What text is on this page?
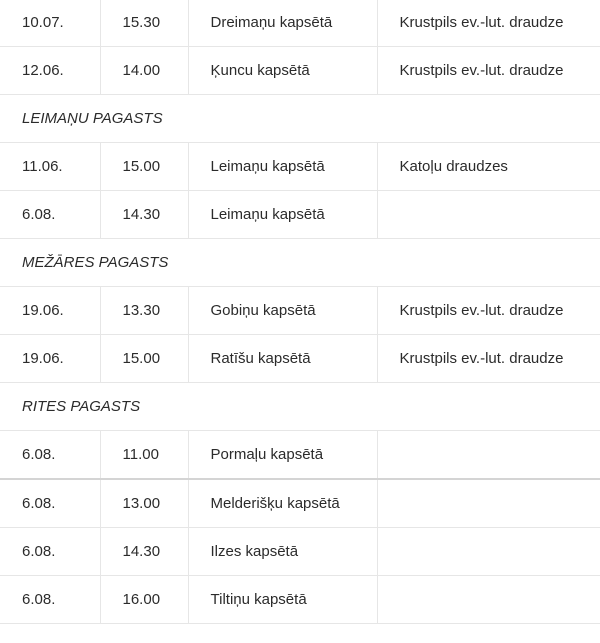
10.07.	15.30	Dreimaņu kapsētā	Krustpils ev.-lut. draudze
12.06.	14.00	Ķuncu kapsētā	Krustpils ev.-lut. draudze
LEIMAŅU PAGASTS			
11.06.	15.00	Leimaņu kapsētā	Katoļu draudzes
6.08.	14.30	Leimaņu kapsētā	
MEŽĀRES PAGASTS			
19.06.	13.30	Gobiņu kapsētā	Krustpils ev.-lut. draudze
19.06.	15.00	Ratīšu kapsētā	Krustpils ev.-lut. draudze
RITES PAGASTS			
6.08.	11.00	Pormaļu kapsētā	
6.08.	13.00	Melderišķu kapsētā	
6.08.	14.30	Ilzes kapsētā	
6.08.	16.00	Tiltiņu kapsētā	
